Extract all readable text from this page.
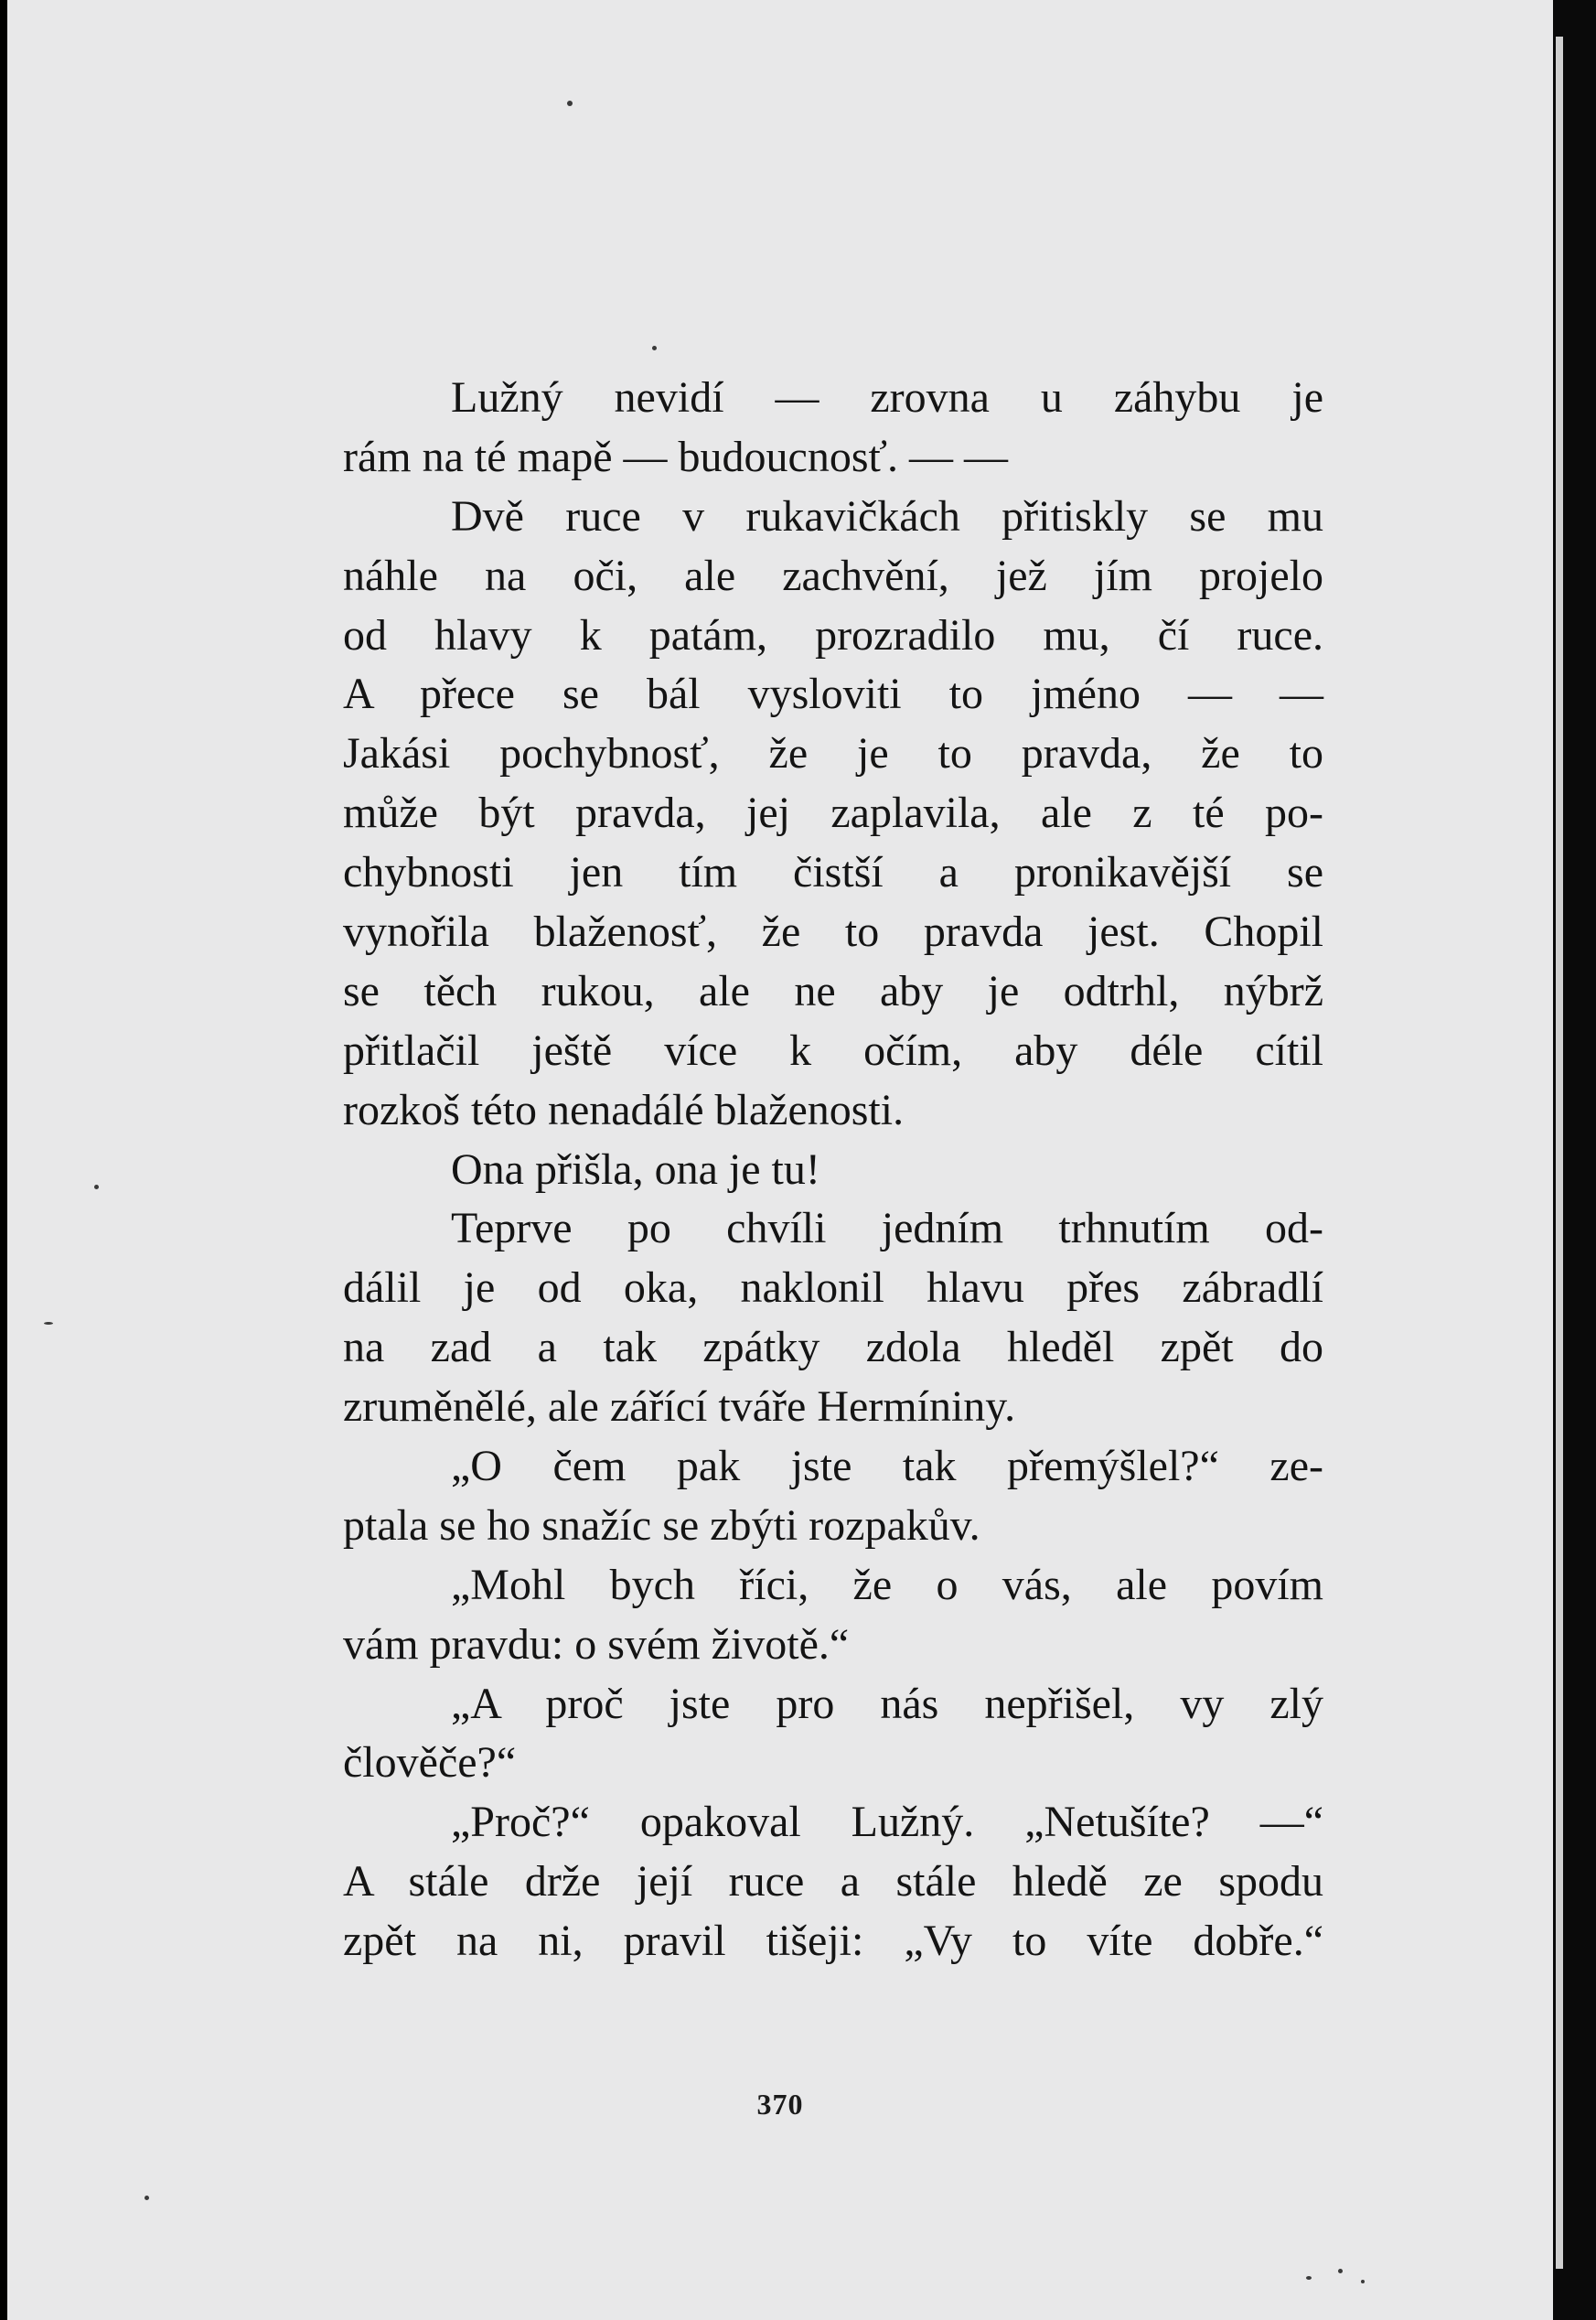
Lužný nevidí — zrovna u záhybu je
rám na té mapě — budoucnosť. — —
Dvě ruce v rukavičkách přitiskly se mu
náhle na oči, ale zachvění, jež jím projelo
od hlavy k patám, prozradilo mu, čí ruce.
A přece se bál vysloviti to jméno — —
Jakási pochybnosť, že je to pravda, že to
může být pravda, jej zaplavila, ale z té po-
chybnosti jen tím čistší a pronikavější se
vynořila blaženosť, že to pravda jest. Chopil
se těch rukou, ale ne aby je odtrhl, nýbrž
přitlačil ještě více k očím, aby déle cítil
rozkoš této nenadálé blaženosti.
Ona přišla, ona je tu!
Teprve po chvíli jedním trhnutím od-
dálil je od oka, naklonil hlavu přes zábradlí
na zad a tak zpátky zdola hleděl zpět do
zruměnělé, ale zářící tváře Hermíniny.
„O čem pak jste tak přemýšlel?“ ze-
ptala se ho snažíc se zbýti rozpakův.
„Mohl bych říci, že o vás, ale povím
vám pravdu: o svém životě.“
„A proč jste pro nás nepřišel, vy zlý
člověče?“
„Proč?“ opakoval Lužný. „Netušíte? —“
A stále drže její ruce a stále hledě ze spodu
zpět na ni, pravil tišeji: „Vy to víte dobře.“
370
